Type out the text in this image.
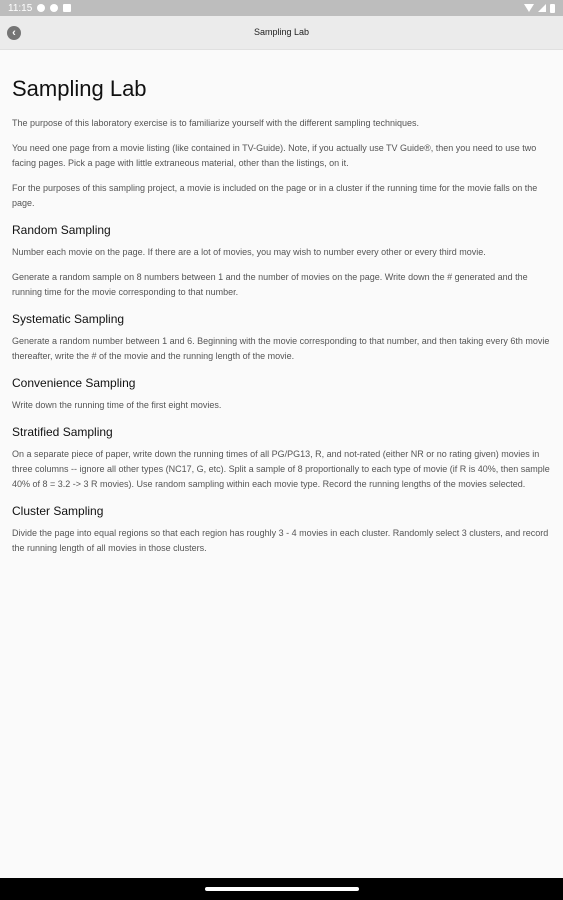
11:15
‹	Sampling Lab
Sampling Lab

The purpose of this laboratory exercise is to familiarize yourself with the different sampling techniques.

You need one page from a movie listing (like contained in TV-Guide). Note, if you actually use TV Guide®, then you need to use two facing pages. Pick a page with little extraneous material, other than the listings, on it.

For the purposes of this sampling project, a movie is included on the page or in a cluster if the running time for the movie falls on the page.

Random Sampling

Number each movie on the page. If there are a lot of movies, you may wish to number every other or every third movie.

Generate a random sample on 8 numbers between 1 and the number of movies on the page. Write down the # generated and the running time for the movie corresponding to that number.

Systematic Sampling

Generate a random number between 1 and 6. Beginning with the movie corresponding to that number, and then taking every 6th movie thereafter, write the # of the movie and the running length of the movie.

Convenience Sampling

Write down the running time of the first eight movies.

Stratified Sampling

On a separate piece of paper, write down the running times of all PG/PG13, R, and not-rated (either NR or no rating given) movies in three columns -- ignore all other types (NC17, G, etc). Split a sample of 8 proportionally to each type of movie (if R is 40%, then sample 40% of 8 = 3.2 -> 3 R movies). Use random sampling within each movie type. Record the running lengths of the movies selected.

Cluster Sampling

Divide the page into equal regions so that each region has roughly 3 - 4 movies in each cluster. Randomly select 3 clusters, and record the running length of all movies in those clusters.
